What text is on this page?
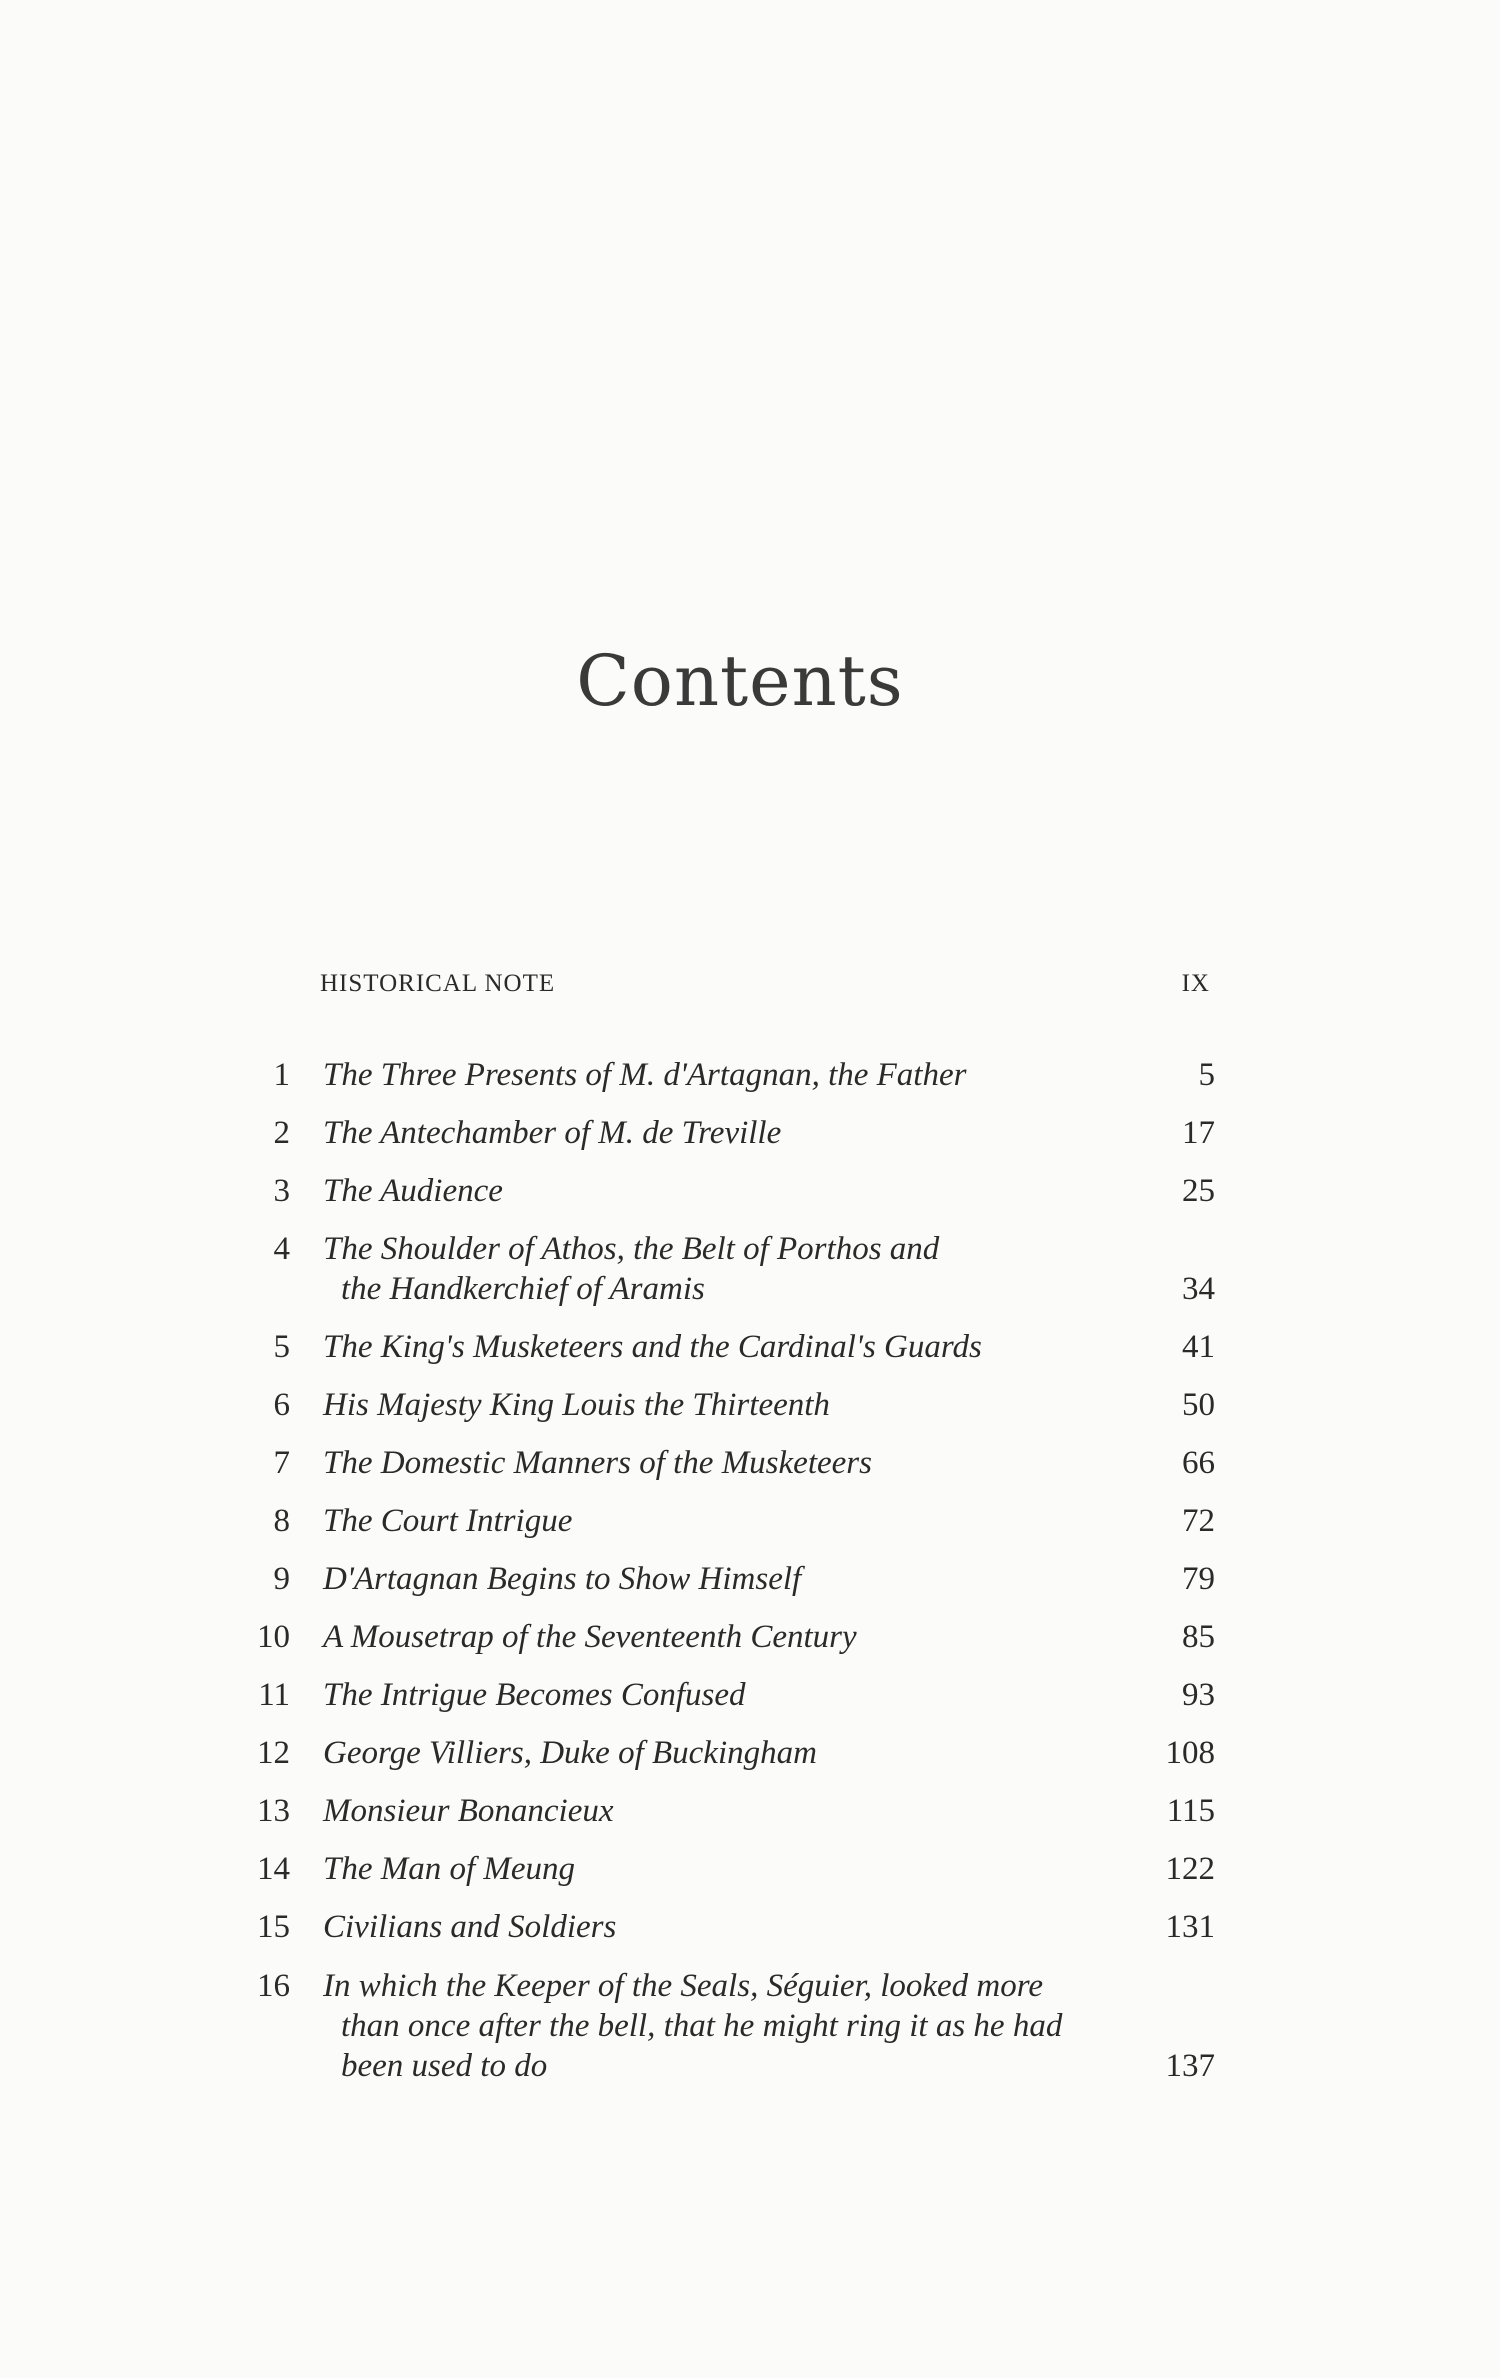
Contents
HISTORICAL NOTE	IX
1 The Three Presents of M. d'Artagnan, the Father	5
2 The Antechamber of M. de Treville	17
3 The Audience	25
4 The Shoulder of Athos, the Belt of Porthos and
the Handkerchief of Aramis	34
5 The King's Musketeers and the Cardinal's Guards	41
6 His Majesty King Louis the Thirteenth	50
7 The Domestic Manners of the Musketeers	66
8 The Court Intrigue	72
9 D'Artagnan Begins to Show Himself	79
10 A Mousetrap of the Seventeenth Century	85
11 The Intrigue Becomes Confused	93
12 George Villiers, Duke of Buckingham	108
13 Monsieur Bonancieux	115
14 The Man of Meung	122
15 Civilians and Soldiers	131
16 In which the Keeper of the Seals, Séguier, looked more
than once after the bell, that he might ring it as he had
been used to do	137
